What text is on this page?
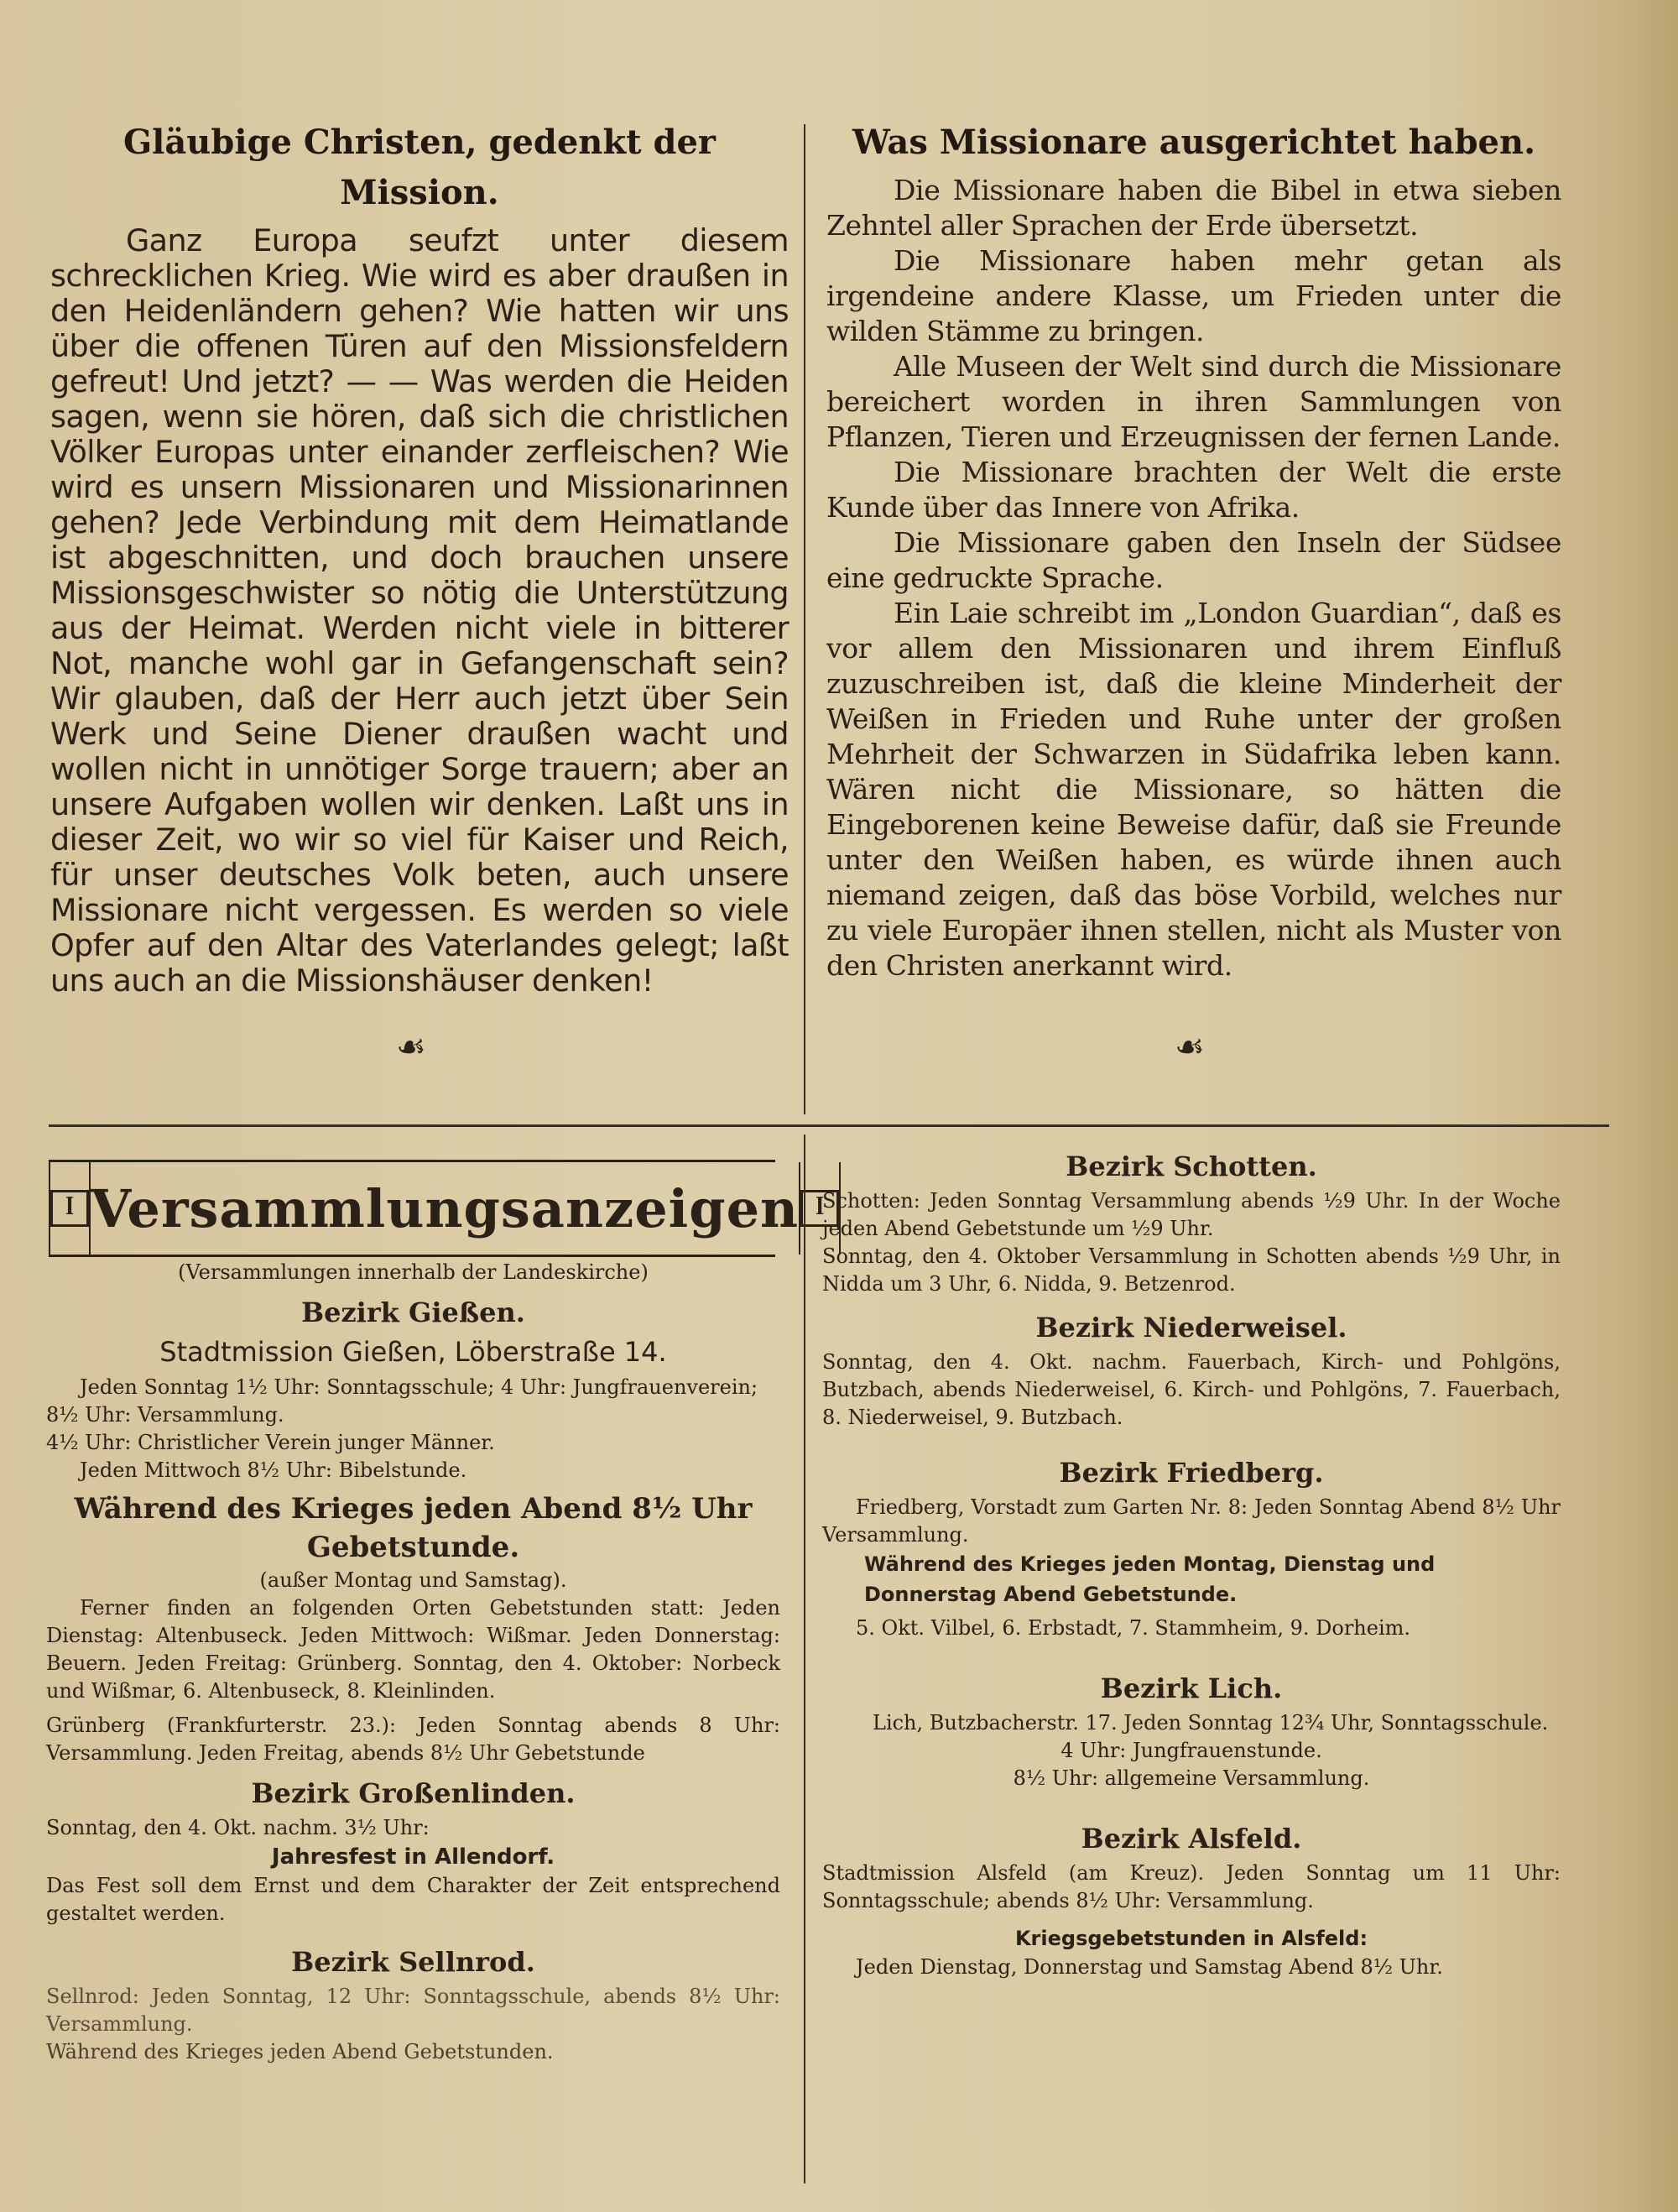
Gläubige Christen, gedenkt der Mission.

Ganz Europa seufzt unter diesem schrecklichen Krieg. Wie wird es aber draußen in den Heidenländern gehen? Wie hatten wir uns über die offenen Türen auf den Missionsfeldern gefreut! Und jetzt? — — Was werden die Heiden sagen, wenn sie hören, daß sich die christlichen Völker Europas unter einander zerfleischen? Wie wird es unsern Missionaren und Missionarinnen gehen? Jede Verbindung mit dem Heimatlande ist abgeschnitten, und doch brauchen unsere Missionsgeschwister so nötig die Unterstützung aus der Heimat. Werden nicht viele in bitterer Not, manche wohl gar in Gefangenschaft sein? Wir glauben, daß der Herr auch jetzt über Sein Werk und Seine Diener draußen wacht und wollen nicht in unnötiger Sorge trauern; aber an unsere Aufgaben wollen wir denken. Laßt uns in dieser Zeit, wo wir so viel für Kaiser und Reich, für unser deutsches Volk beten, auch unsere Missionare nicht vergessen. Es werden so viele Opfer auf den Altar des Vaterlandes gelegt; laßt uns auch an die Missionshäuser denken!

Was Missionare ausgerichtet haben.

Die Missionare haben die Bibel in etwa sieben Zehntel aller Sprachen der Erde übersetzt.

Die Missionare haben mehr getan als irgendeine andere Klasse, um Frieden unter die wilden Stämme zu bringen.

Alle Museen der Welt sind durch die Missionare bereichert worden in ihren Sammlungen von Pflanzen, Tieren und Erzeugnissen der fernen Lande.

Die Missionare brachten der Welt die erste Kunde über das Innere von Afrika.

Die Missionare gaben den Inseln der Südsee eine gedruckte Sprache.

Ein Laie schreibt im „London Guardian“, daß es vor allem den Missionaren und ihrem Einfluß zuzuschreiben ist, daß die kleine Minderheit der Weißen in Frieden und Ruhe unter der großen Mehrheit der Schwarzen in Südafrika leben kann. Wären nicht die Missionare, so hätten die Eingeborenen keine Beweise dafür, daß sie Freunde unter den Weißen haben, es würde ihnen auch niemand zeigen, daß das böse Vorbild, welches nur zu viele Europäer ihnen stellen, nicht als Muster von den Christen anerkannt wird.

☙	☙
ꟾ Versammlungsanzeigen ꟾ

(Versammlungen innerhalb der Landeskirche)

Bezirk Gießen.

Stadtmission Gießen, Löberstraße 14.

Jeden Sonntag 1½ Uhr: Sonntagsschule; 4 Uhr: Jungfrauenverein; 8½ Uhr: Versammlung.

4½ Uhr: Christlicher Verein junger Männer.

Jeden Mittwoch 8½ Uhr: Bibelstunde.

Während des Krieges jeden Abend 8½ Uhr Gebetstunde.

(außer Montag und Samstag).

Ferner finden an folgenden Orten Gebetstunden statt: Jeden Dienstag: Altenbuseck. Jeden Mittwoch: Wißmar. Jeden Donnerstag: Beuern. Jeden Freitag: Grünberg. Sonntag, den 4. Oktober: Norbeck und Wißmar, 6. Altenbuseck, 8. Kleinlinden.

Grünberg (Frankfurterstr. 23.): Jeden Sonntag abends 8 Uhr: Versammlung. Jeden Freitag, abends 8½ Uhr Gebetstunde

Bezirk Großenlinden.

Sonntag, den 4. Okt. nachm. 3½ Uhr:

Jahresfest in Allendorf.

Das Fest soll dem Ernst und dem Charakter der Zeit entsprechend gestaltet werden.

Bezirk Sellnrod.

Sellnrod: Jeden Sonntag, 12 Uhr: Sonntagsschule, abends 8½ Uhr: Versammlung.

Während des Krieges jeden Abend Gebetstunden.

Bezirk Schotten.

Schotten: Jeden Sonntag Versammlung abends ½9 Uhr. In der Woche jeden Abend Gebetstunde um ½9 Uhr.

Sonntag, den 4. Oktober Versammlung in Schotten abends ½9 Uhr, in Nidda um 3 Uhr, 6. Nidda, 9. Betzenrod.

Bezirk Niederweisel.

Sonntag, den 4. Okt. nachm. Fauerbach, Kirch- und Pohlgöns, Butzbach, abends Niederweisel, 6. Kirch- und Pohlgöns, 7. Fauerbach, 8. Niederweisel, 9. Butzbach.

Bezirk Friedberg.

Friedberg, Vorstadt zum Garten Nr. 8: Jeden Sonntag Abend 8½ Uhr Versammlung.

Während des Krieges jeden Montag, Dienstag und Donnerstag Abend Gebetstunde.

5. Okt. Vilbel, 6. Erbstadt, 7. Stammheim, 9. Dorheim.

Bezirk Lich.

Lich, Butzbacherstr. 17. Jeden Sonntag 12¾ Uhr, Sonntagsschule.

4 Uhr: Jungfrauenstunde.

8½ Uhr: allgemeine Versammlung.

Bezirk Alsfeld.

Stadtmission Alsfeld (am Kreuz). Jeden Sonntag um 11 Uhr: Sonntagsschule; abends 8½ Uhr: Versammlung.

Kriegsgebetstunden in Alsfeld:

Jeden Dienstag, Donnerstag und Samstag Abend 8½ Uhr.
